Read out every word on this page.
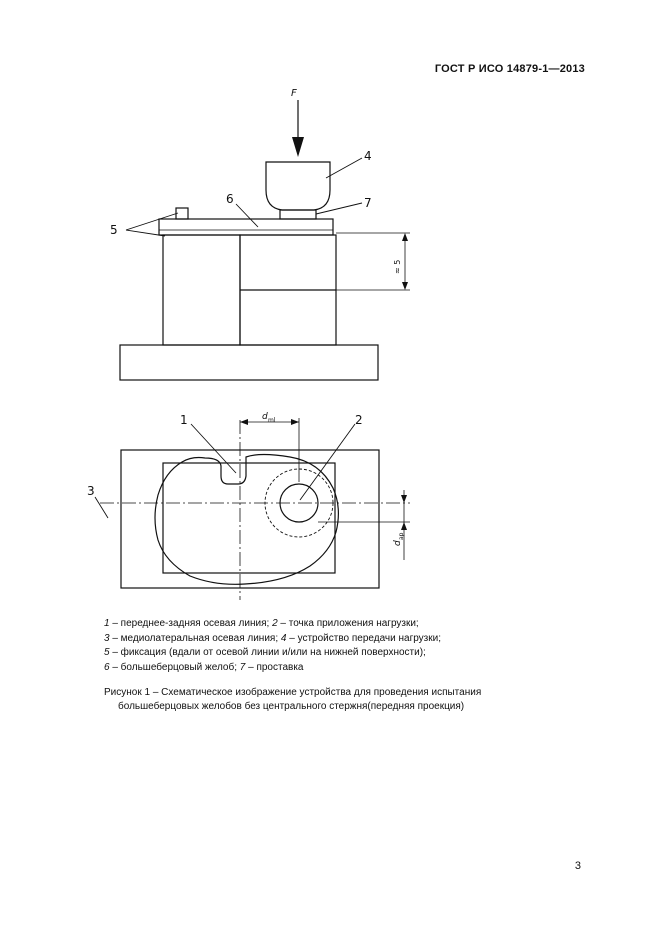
ГОСТ Р ИСО 14879-1—2013
F
4
7
6
5
≈ 5
1	2
3
d ml
d
ap
1 – переднее-задняя осевая линия; 2 – точка приложения нагрузки;
3 – медиолатеральная осевая линия; 4 – устройство передачи нагрузки;
5 – фиксация (вдали от осевой линии и/или на нижней поверхности);
6 – большеберцовый желоб; 7 – проставка
Рисунок 1 – Схематическое изображение устройства для проведения испытания
большеберцовых желобов без центрального стержня(передняя проекция)
3
